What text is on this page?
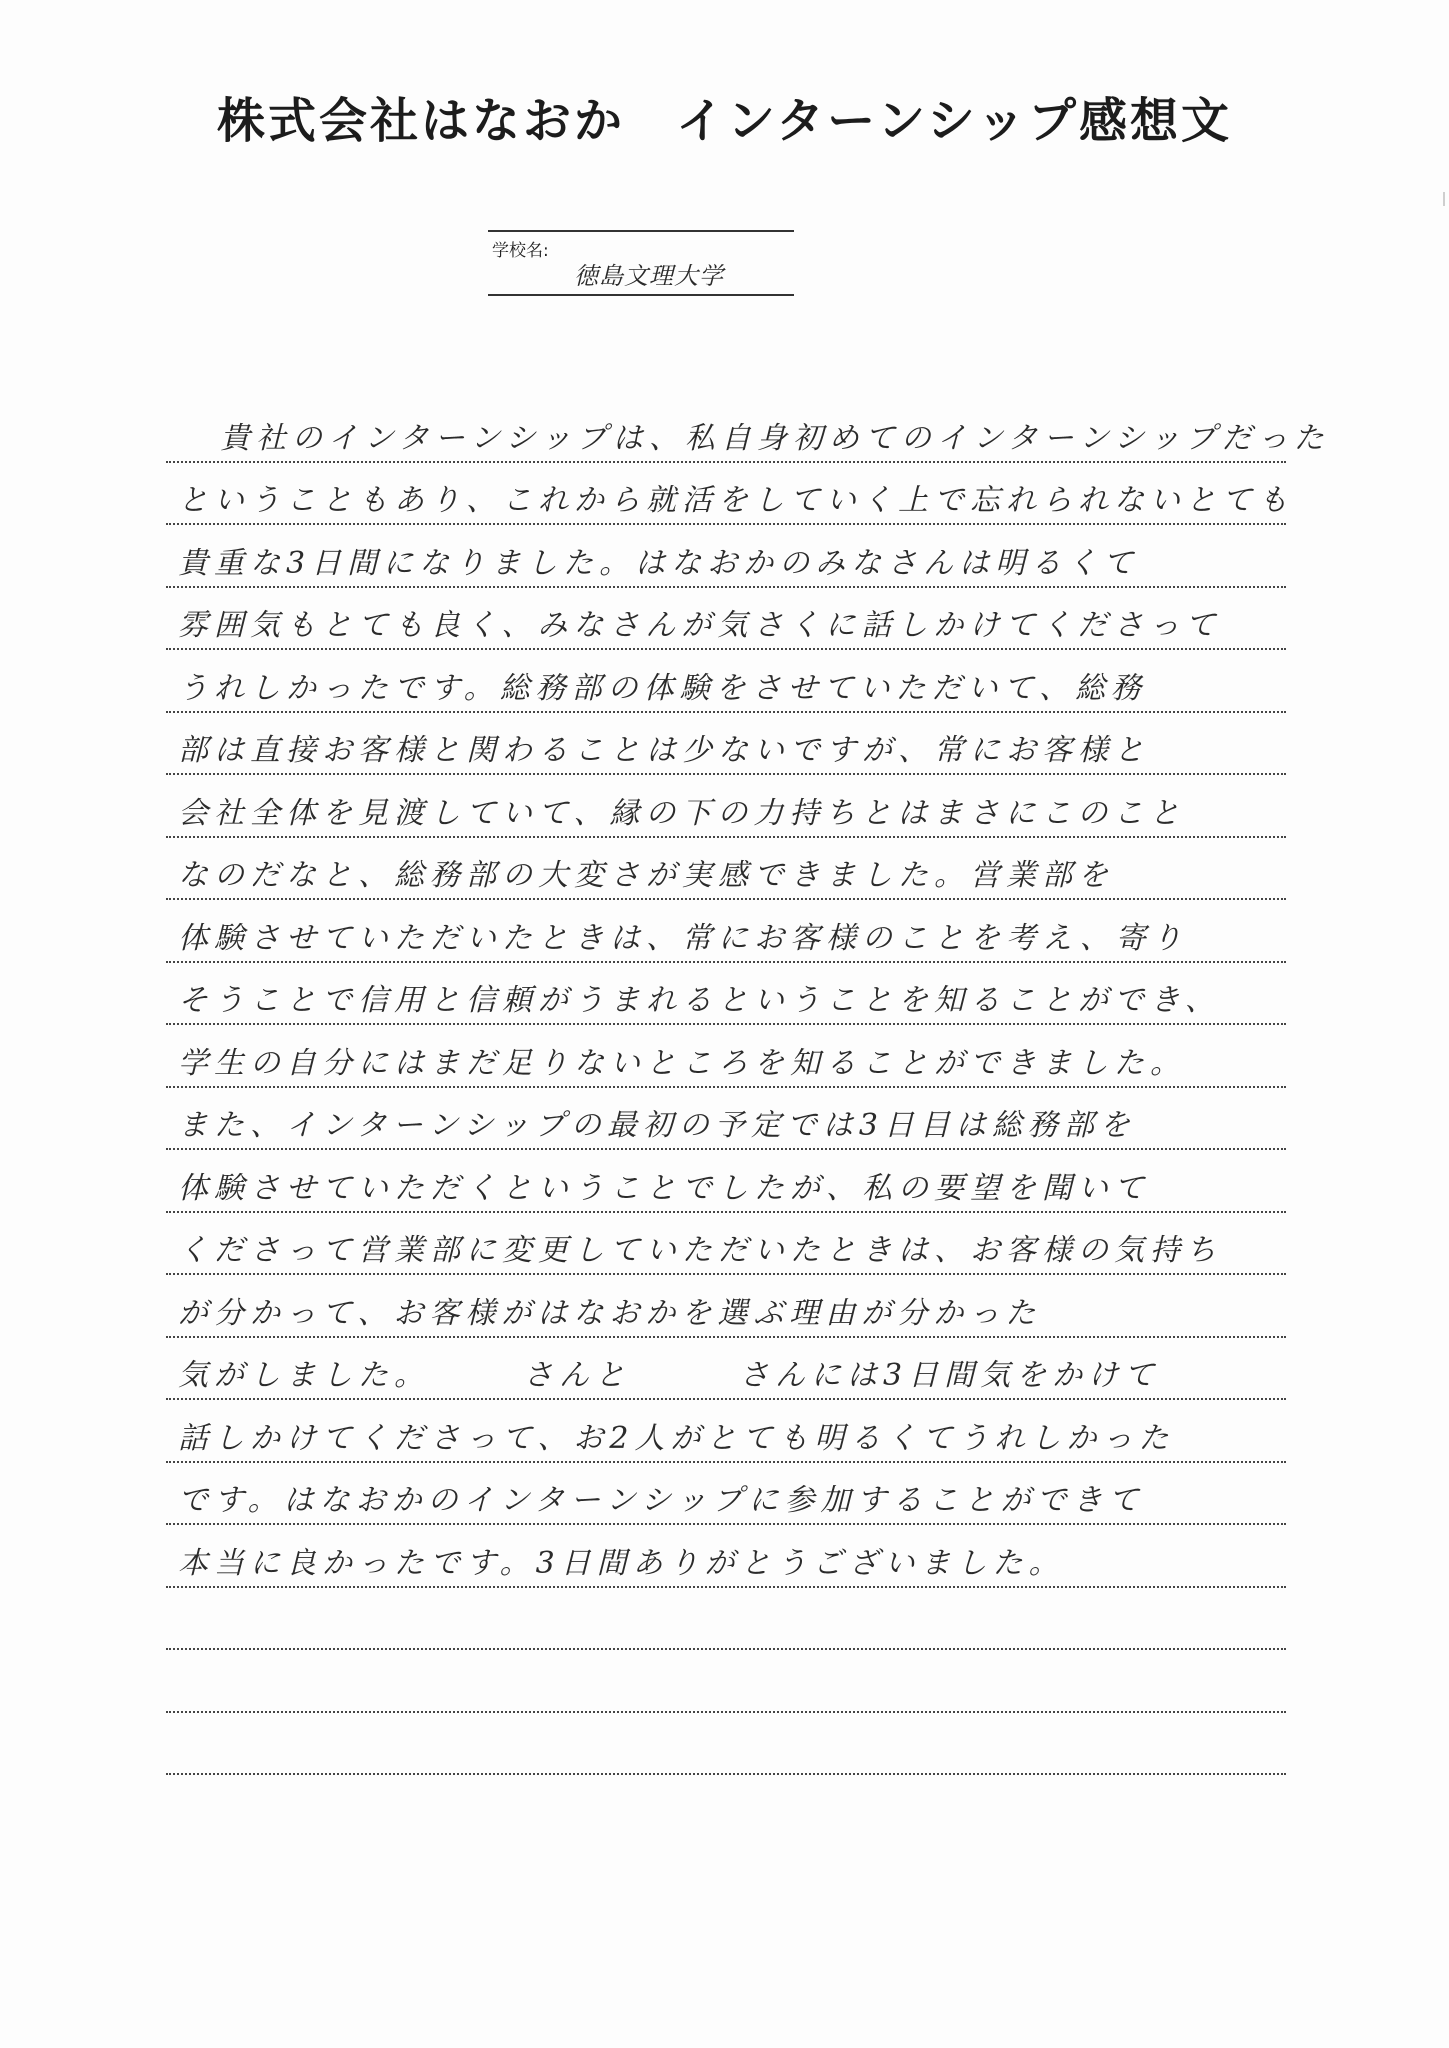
株式会社はなおか　インターンシップ感想文
学校名:
徳島文理大学
貴社のインターンシップは、私自身初めてのインターンシップだった
ということもあり、これから就活をしていく上で忘れられないとても
貴重な3日間になりました。はなおかのみなさんは明るくて
雰囲気もとても良く、みなさんが気さくに話しかけてくださって
うれしかったです。総務部の体験をさせていただいて、総務
部は直接お客様と関わることは少ないですが、常にお客様と
会社全体を見渡していて、縁の下の力持ちとはまさにこのこと
なのだなと、総務部の大変さが実感できました。営業部を
体験させていただいたときは、常にお客様のことを考え、寄り
そうことで信用と信頼がうまれるということを知ることができ、
学生の自分にはまだ足りないところを知ることができました。
また、インターンシップの最初の予定では3日目は総務部を
体験させていただくということでしたが、私の要望を聞いて
くださって営業部に変更していただいたときは、お客様の気持ち
が分かって、お客様がはなおかを選ぶ理由が分かった
気がしました。　　　さんと　　　さんには3日間気をかけて
話しかけてくださって、お2人がとても明るくてうれしかった
です。はなおかのインターンシップに参加することができて
本当に良かったです。3日間ありがとうございました。
